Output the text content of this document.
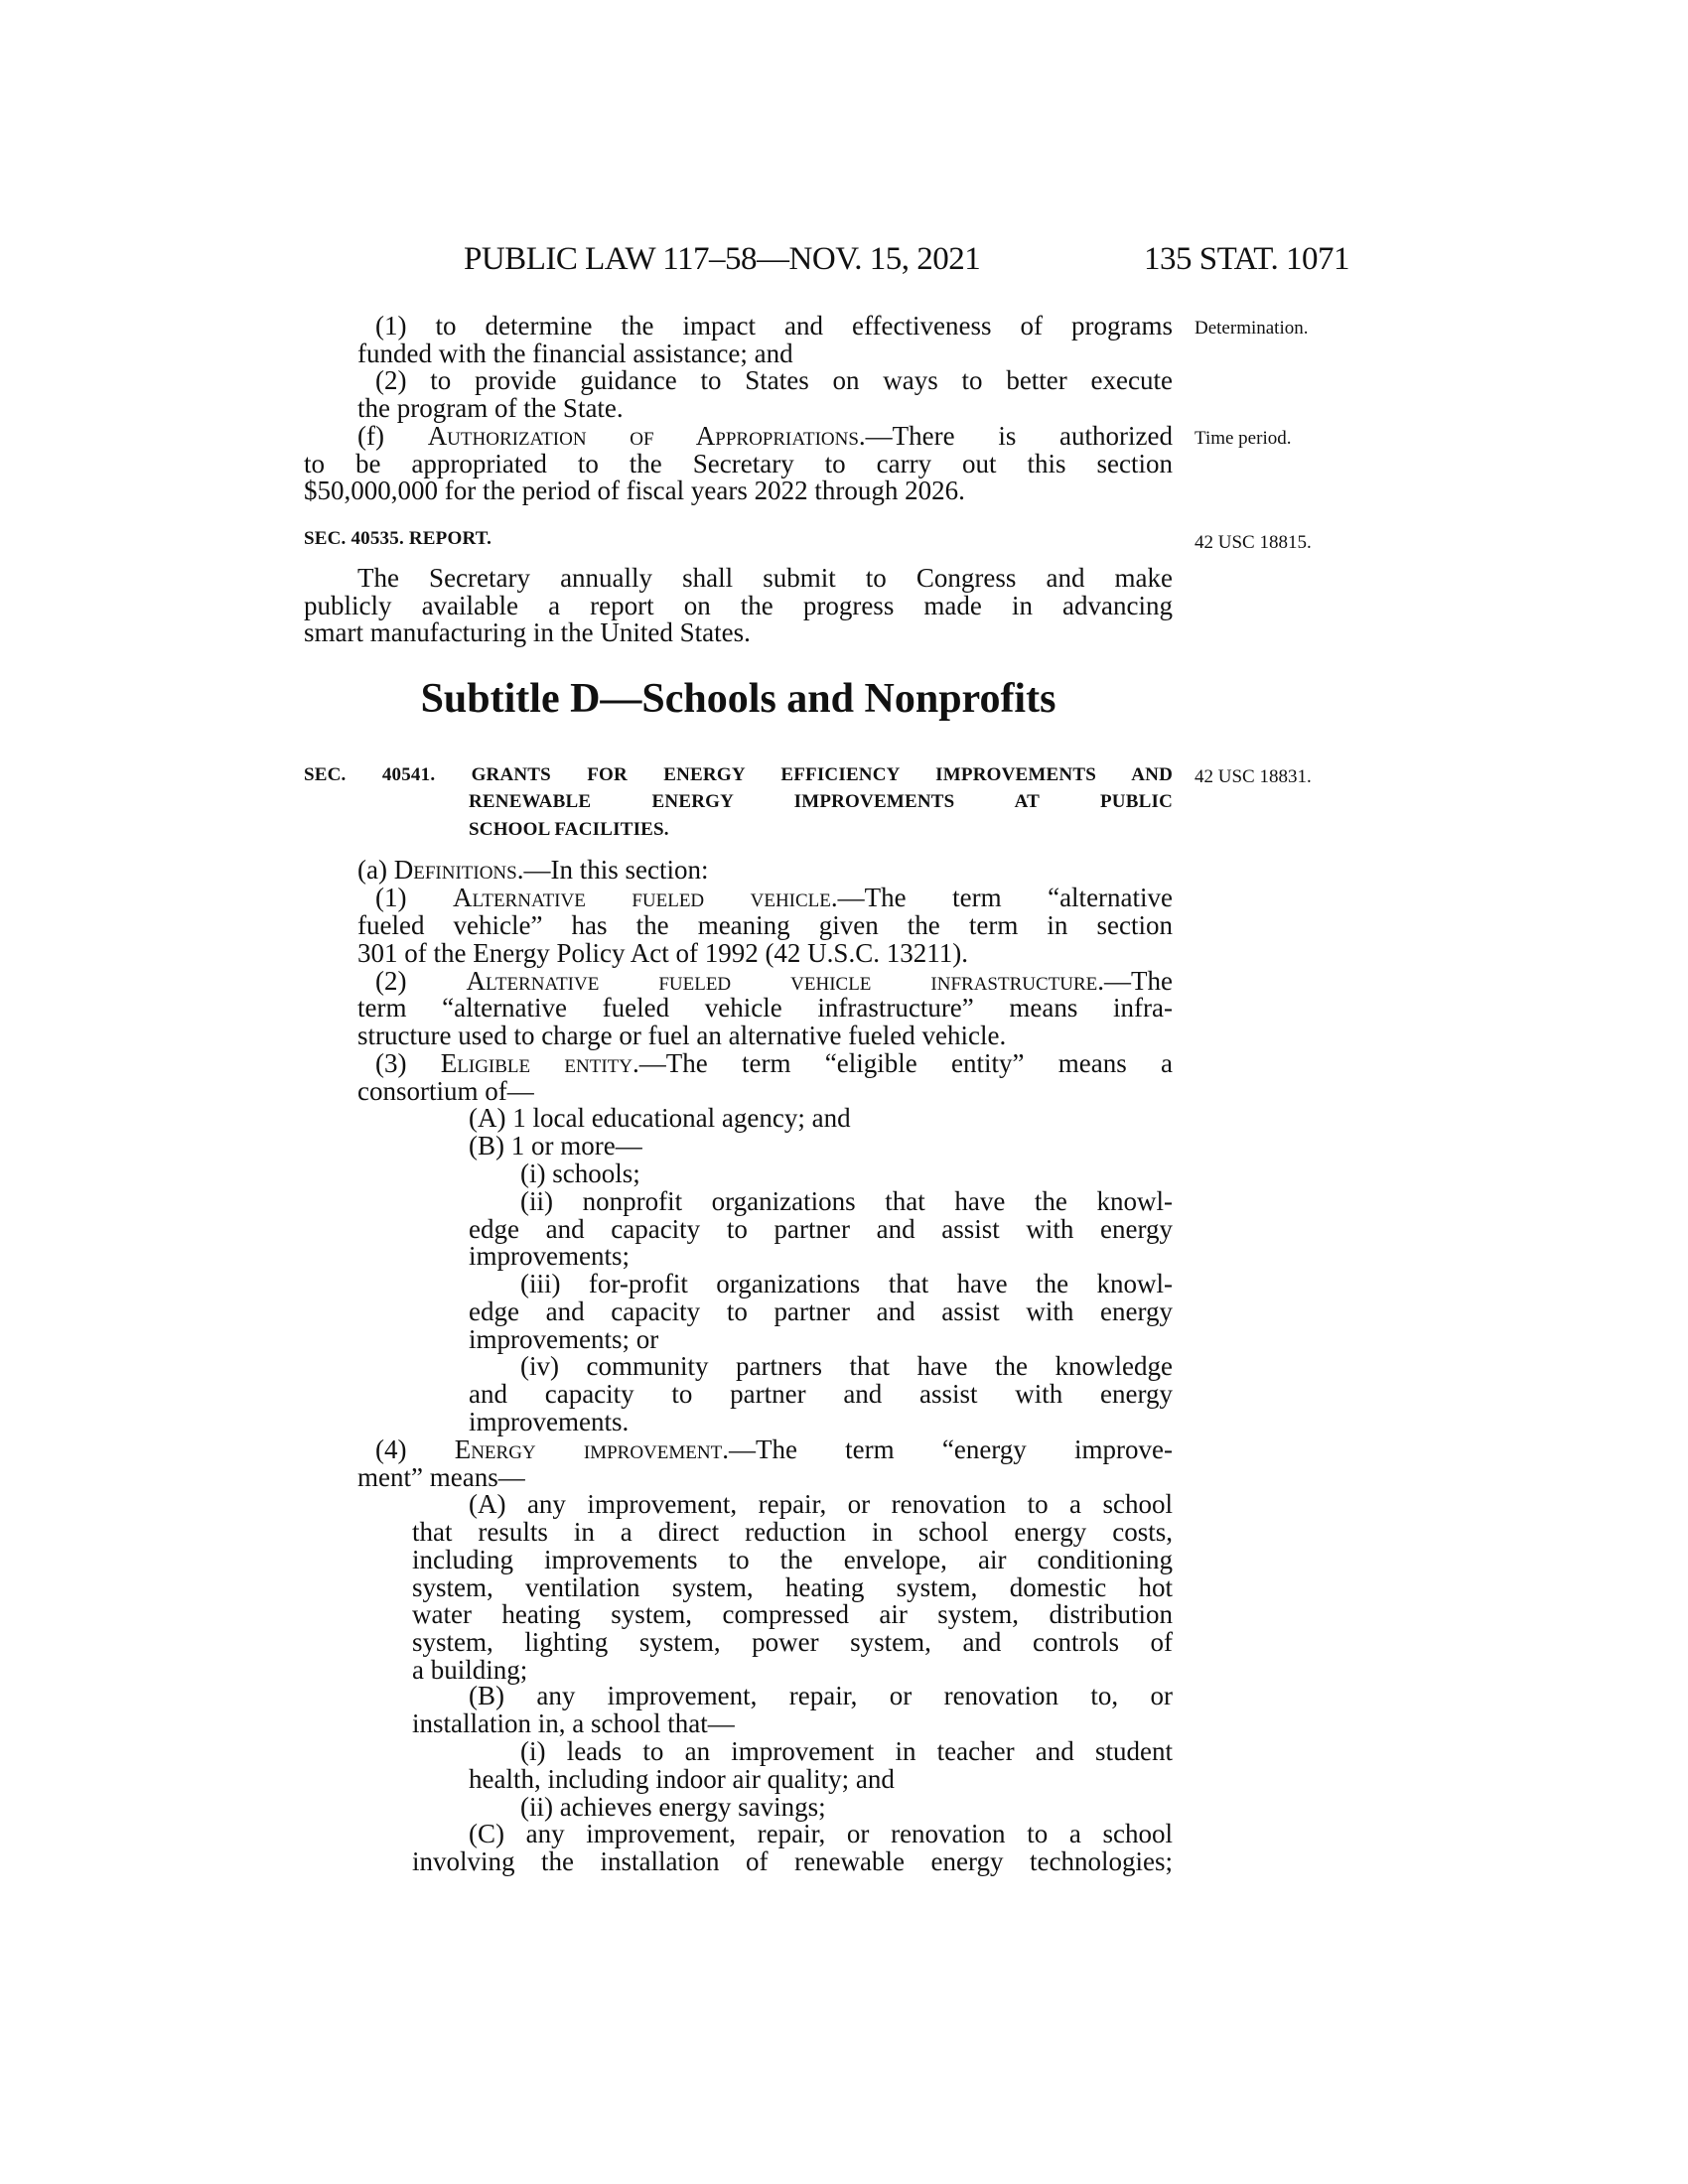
PUBLIC LAW 117–58—NOV. 15, 2021	135 STAT. 1071
Determination.
Time period.
42 USC 18815.
42 USC 18831.
Subtitle D—Schools and Nonprofits
(1) to determine the impact and effectiveness of programs
funded with the financial assistance; and
(2) to provide guidance to States on ways to better execute
the program of the State.
(f) Authorization of Appropriations.—There is authorized
to be appropriated to the Secretary to carry out this section
$50,000,000 for the period of fiscal years 2022 through 2026.
SEC. 40535. REPORT.
The Secretary annually shall submit to Congress and make
publicly available a report on the progress made in advancing
smart manufacturing in the United States.
SEC. 40541. GRANTS FOR ENERGY EFFICIENCY IMPROVEMENTS AND
RENEWABLE ENERGY IMPROVEMENTS AT PUBLIC
SCHOOL FACILITIES.
(a) Definitions.—In this section:
(1) Alternative fueled vehicle.—The term “alternative
fueled vehicle” has the meaning given the term in section
301 of the Energy Policy Act of 1992 (42 U.S.C. 13211).
(2) Alternative fueled vehicle infrastructure.—The
term “alternative fueled vehicle infrastructure” means infra-
structure used to charge or fuel an alternative fueled vehicle.
(3) Eligible entity.—The term “eligible entity” means a
consortium of—
(A) 1 local educational agency; and
(B) 1 or more—
(i) schools;
(ii) nonprofit organizations that have the knowl-
edge and capacity to partner and assist with energy
improvements;
(iii) for-profit organizations that have the knowl-
edge and capacity to partner and assist with energy
improvements; or
(iv) community partners that have the knowledge
and capacity to partner and assist with energy
improvements.
(4) Energy improvement.—The term “energy improve-
ment” means—
(A) any improvement, repair, or renovation to a school
that results in a direct reduction in school energy costs,
including improvements to the envelope, air conditioning
system, ventilation system, heating system, domestic hot
water heating system, compressed air system, distribution
system, lighting system, power system, and controls of
a building;
(B) any improvement, repair, or renovation to, or
installation in, a school that—
(i) leads to an improvement in teacher and student
health, including indoor air quality; and
(ii) achieves energy savings;
(C) any improvement, repair, or renovation to a school
involving the installation of renewable energy technologies;
